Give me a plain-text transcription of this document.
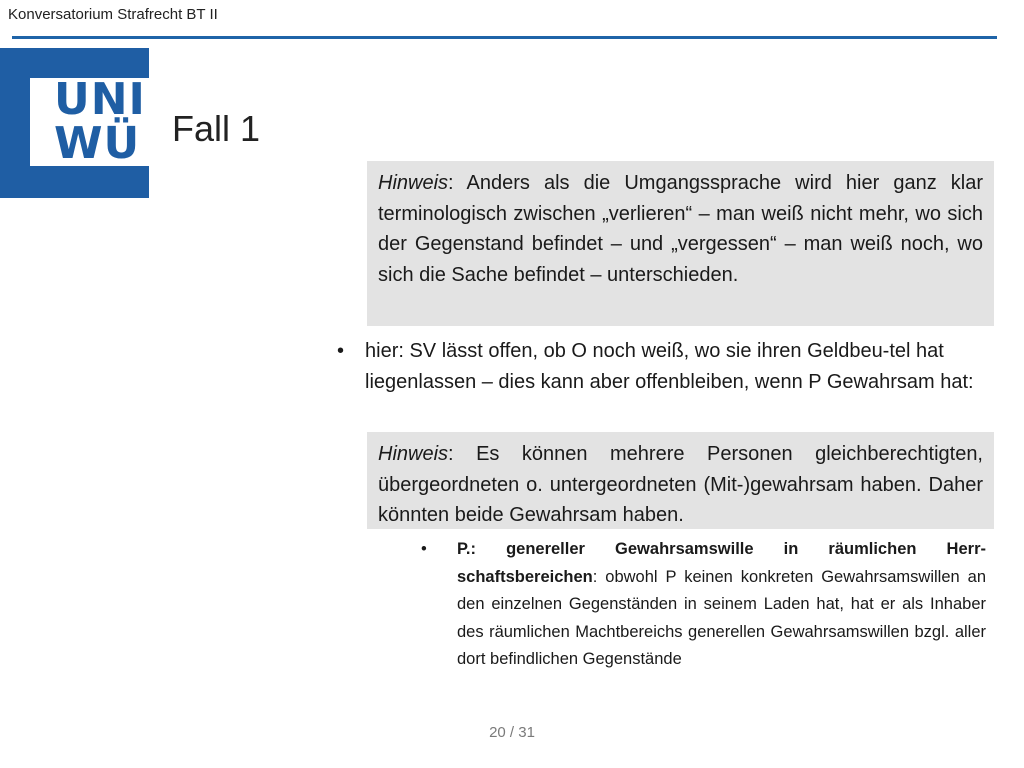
Konversatorium Strafrecht BT II
UNI
WÜ Fall 1
Hinweis: Anders als die Umgangssprache wird hier ganz klar terminologisch zwischen „verlieren“ – man weiß nicht mehr, wo sich der Gegenstand befindet – und „vergessen“ – man weiß noch, wo sich die Sache befindet – unterschieden.
•	hier: SV lässt offen, ob O noch weiß, wo sie ihren Geldbeu-tel hat liegenlassen – dies kann aber offenbleiben, wenn P Gewahrsam hat:
Hinweis: Es können mehrere Personen gleichberechtigten, übergeordneten o. untergeordneten (Mit-)gewahrsam haben. Daher könnten beide Gewahrsam haben.
•	P.: genereller Gewahrsamswille in räumlichen Herrschaftsbereichen: obwohl P keinen konkreten Gewahrsamswillen an den einzelnen Gegenständen in seinem Laden hat, hat er als Inhaber des räumlichen Machtbereichs generellen Gewahrsamswillen bzgl. aller dort befindlichen Gegenstände
20 / 31
